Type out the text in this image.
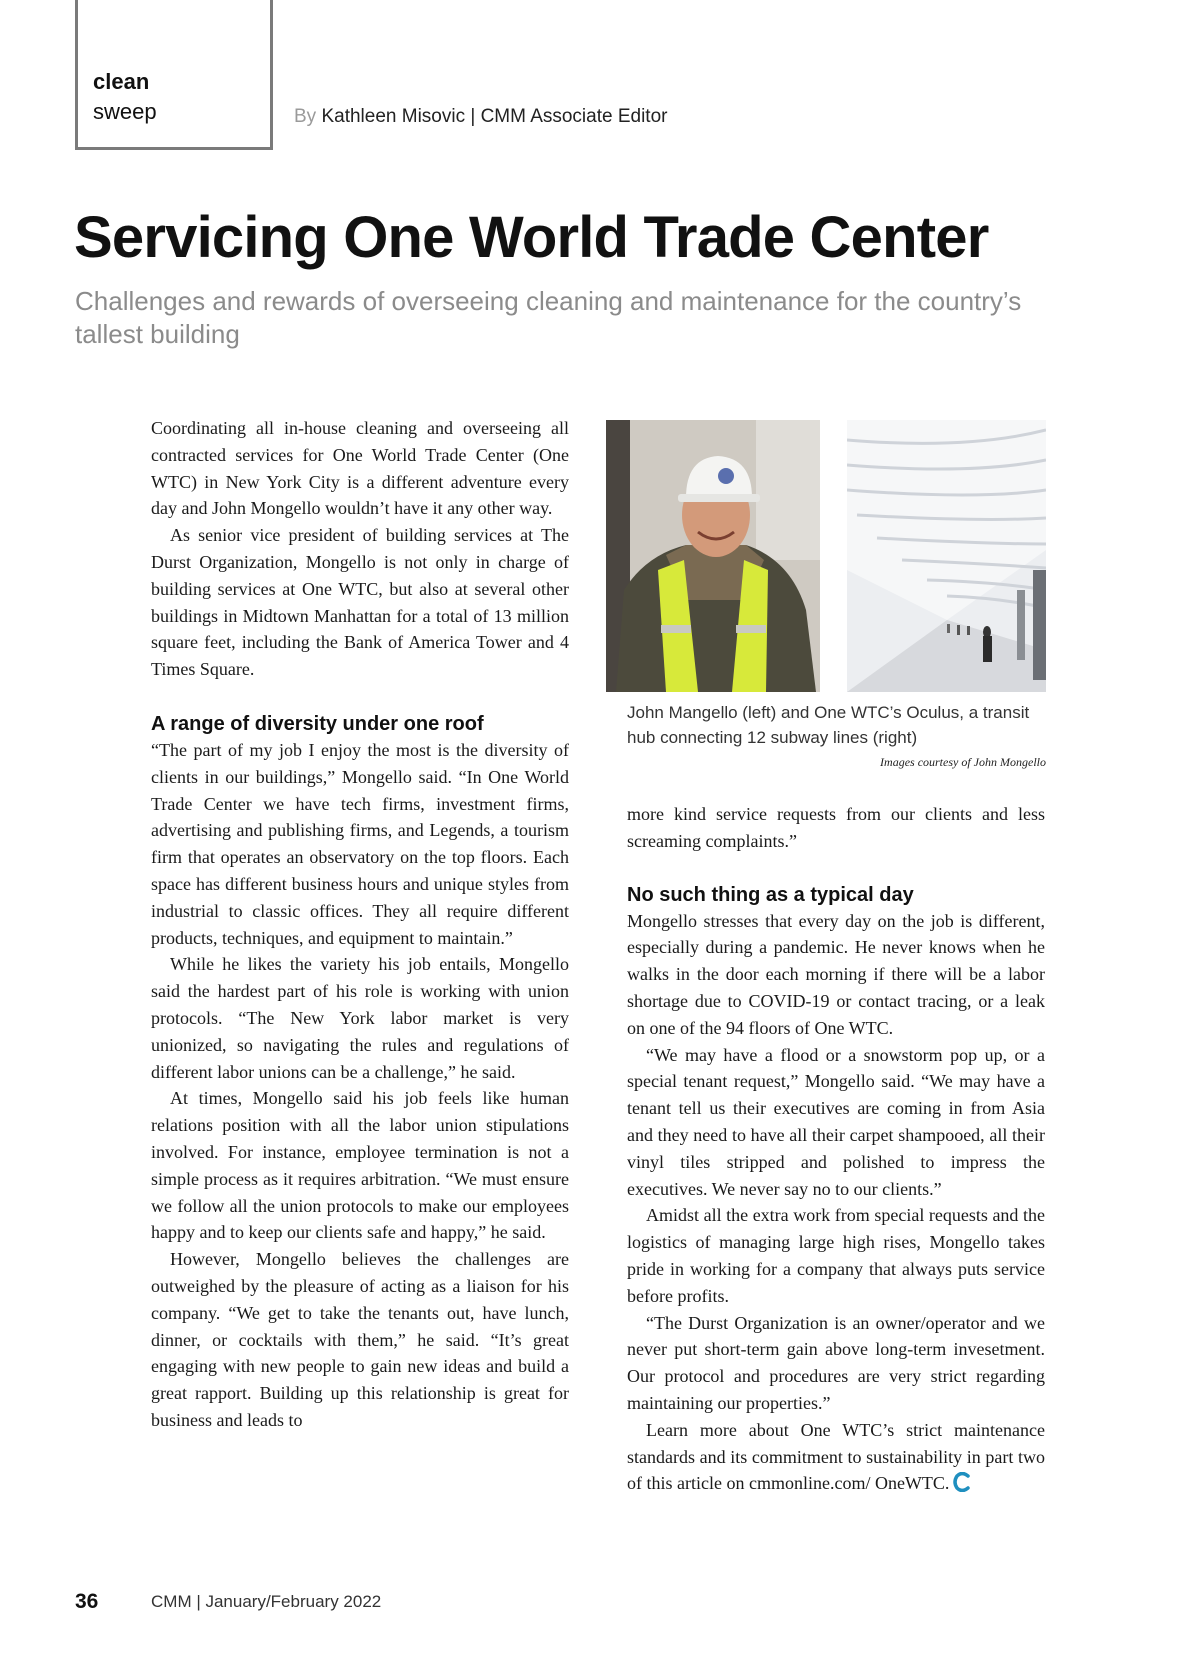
clean
sweep	By Kathleen Misovic | CMM Associate Editor
Servicing One World Trade Center

Challenges and rewards of overseeing cleaning and maintenance for the country’s tallest building

Coordinating all in-house cleaning and overseeing all contracted services for One World Trade Center (One WTC) in New York City is a different adventure every day and John Mongello wouldn’t have it any other way.

As senior vice president of building services at The Durst Organization, Mongello is not only in charge of building services at One WTC, but also at several other buildings in Midtown Manhattan for a total of 13 million square feet, including the Bank of America Tower and 4 Times Square.

A range of diversity under one roof

“The part of my job I enjoy the most is the diversity of clients in our buildings,” Mongello said. “In One World Trade Center we have tech firms, investment firms, advertising and publishing firms, and Legends, a tourism firm that operates an observatory on the top floors. Each space has different business hours and unique styles from industrial to classic offices. They all require different products, techniques, and equipment to maintain.”

While he likes the variety his job entails, Mongello said the hardest part of his role is working with union protocols. “The New York labor market is very unionized, so navigating the rules and regulations of different labor unions can be a challenge,” he said.

At times, Mongello said his job feels like human relations position with all the labor union stipulations involved. For instance, employee termination is not a simple process as it requires arbitration. “We must ensure we follow all the union protocols to make our employees happy and to keep our clients safe and happy,” he said.

However, Mongello believes the challenges are outweighed by the pleasure of acting as a liaison for his company. “We get to take the tenants out, have lunch, dinner, or cocktails with them,” he said. “It’s great engaging with new people to gain new ideas and build a great rapport. Building up this relationship is great for business and leads to

John Mangello (left) and One WTC’s Oculus, a transit hub connecting 12 subway lines (right)

Images courtesy of John Mongello

more kind service requests from our clients and less screaming complaints.”

No such thing as a typical day

Mongello stresses that every day on the job is different, especially during a pandemic. He never knows when he walks in the door each morning if there will be a labor shortage due to COVID-19 or contact tracing, or a leak on one of the 94 floors of One WTC.

“We may have a flood or a snowstorm pop up, or a special tenant request,” Mongello said. “We may have a tenant tell us their executives are coming in from Asia and they need to have all their carpet shampooed, all their vinyl tiles stripped and polished to impress the executives. We never say no to our clients.”

Amidst all the extra work from special requests and the logistics of managing large high rises, Mongello takes pride in working for a company that always puts service before profits.

“The Durst Organization is an owner/operator and we never put short-term gain above long-term invesetment. Our protocol and procedures are very strict regarding maintaining our properties.”

Learn more about One WTC’s strict maintenance standards and its commitment to sustainability in part two of this article on cmmonline.com/ OneWTC.

36	CMM | January/February 2022
